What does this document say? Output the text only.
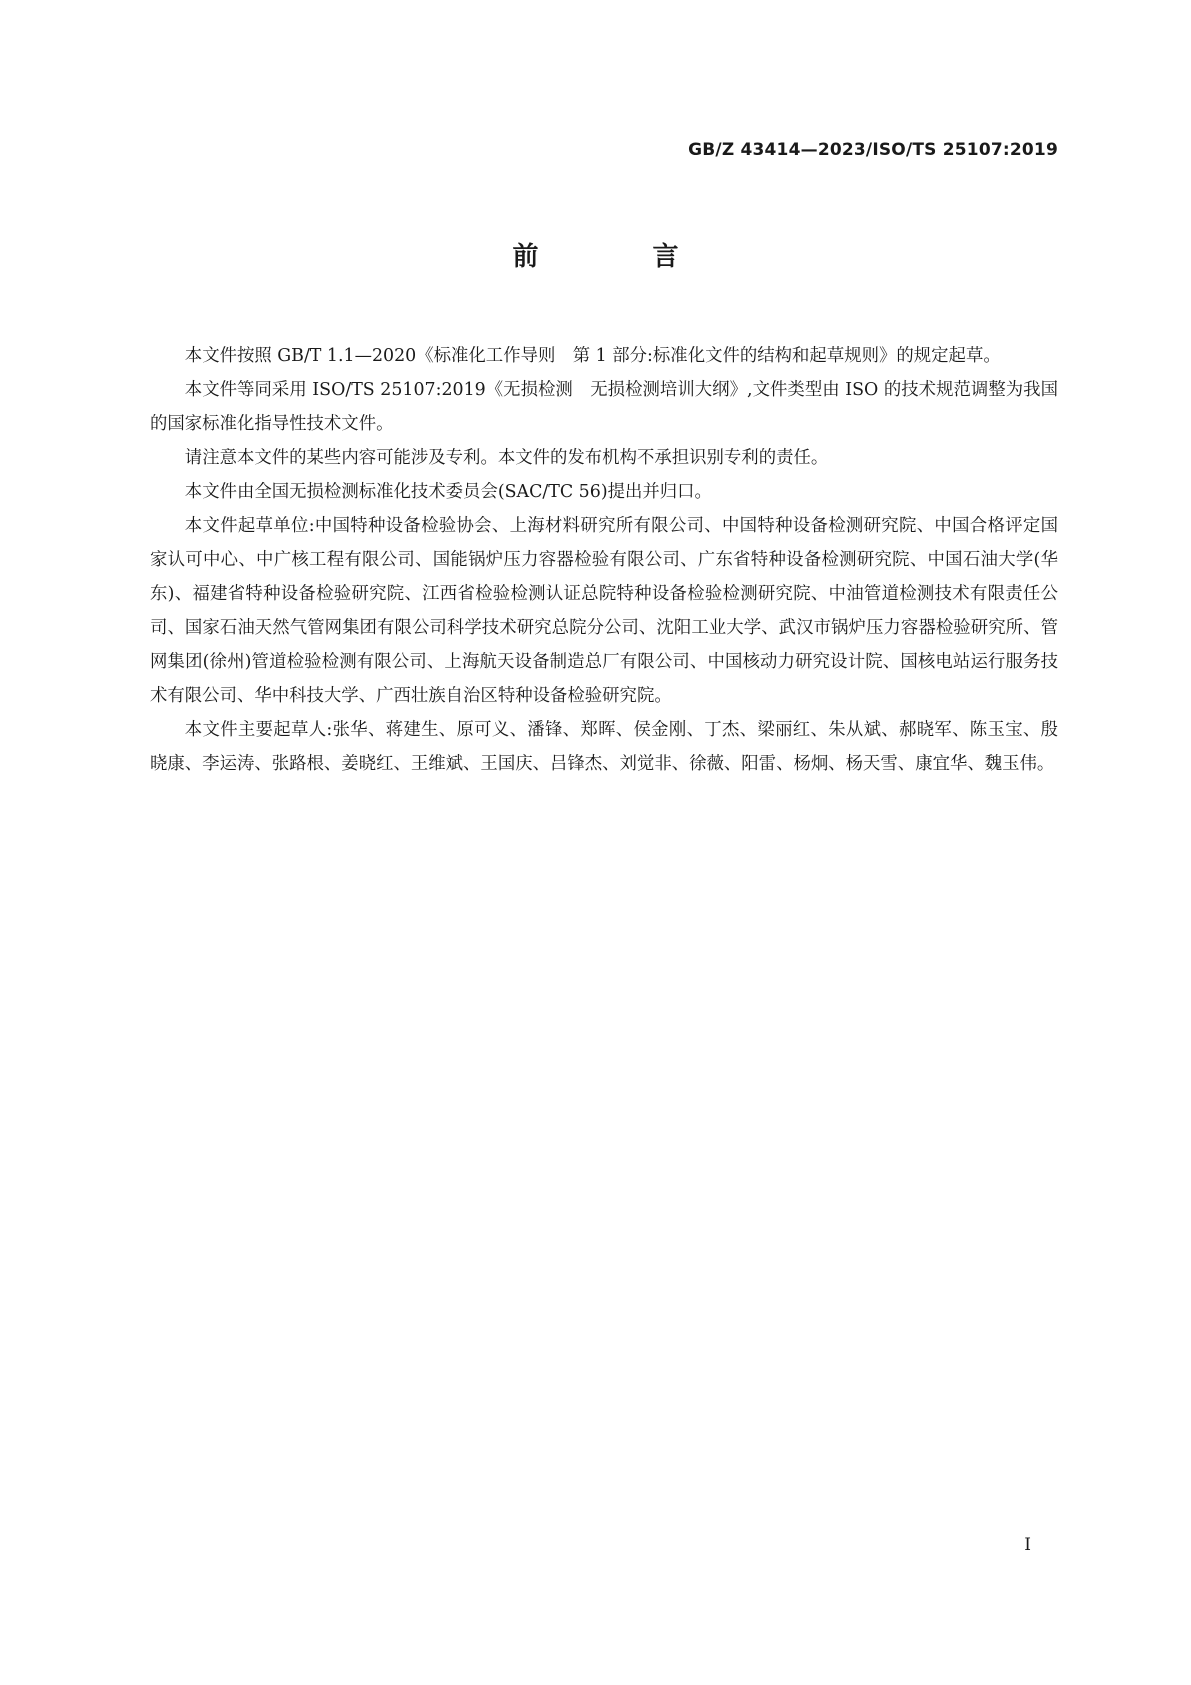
GB/Z 43414—2023/ISO/TS 25107:2019
前　言

本文件按照 GB/T 1.1—2020《标准化工作导则　第 1 部分:标准化文件的结构和起草规则》的规定起草。

本文件等同采用 ISO/TS 25107:2019《无损检测　无损检测培训大纲》,文件类型由 ISO 的技术规范调整为我国的国家标准化指导性技术文件。

请注意本文件的某些内容可能涉及专利。本文件的发布机构不承担识别专利的责任。

本文件由全国无损检测标准化技术委员会(SAC/TC 56)提出并归口。

本文件起草单位:中国特种设备检验协会、上海材料研究所有限公司、中国特种设备检测研究院、中国合格评定国家认可中心、中广核工程有限公司、国能锅炉压力容器检验有限公司、广东省特种设备检测研究院、中国石油大学(华东)、福建省特种设备检验研究院、江西省检验检测认证总院特种设备检验检测研究院、中油管道检测技术有限责任公司、国家石油天然气管网集团有限公司科学技术研究总院分公司、沈阳工业大学、武汉市锅炉压力容器检验研究所、管网集团(徐州)管道检验检测有限公司、上海航天设备制造总厂有限公司、中国核动力研究设计院、国核电站运行服务技术有限公司、华中科技大学、广西壮族自治区特种设备检验研究院。

本文件主要起草人:张华、蒋建生、原可义、潘锋、郑晖、侯金刚、丁杰、梁丽红、朱从斌、郝晓军、陈玉宝、殷晓康、李运涛、张路根、姜晓红、王维斌、王国庆、吕锋杰、刘觉非、徐薇、阳雷、杨炯、杨天雪、康宜华、魏玉伟。

I
